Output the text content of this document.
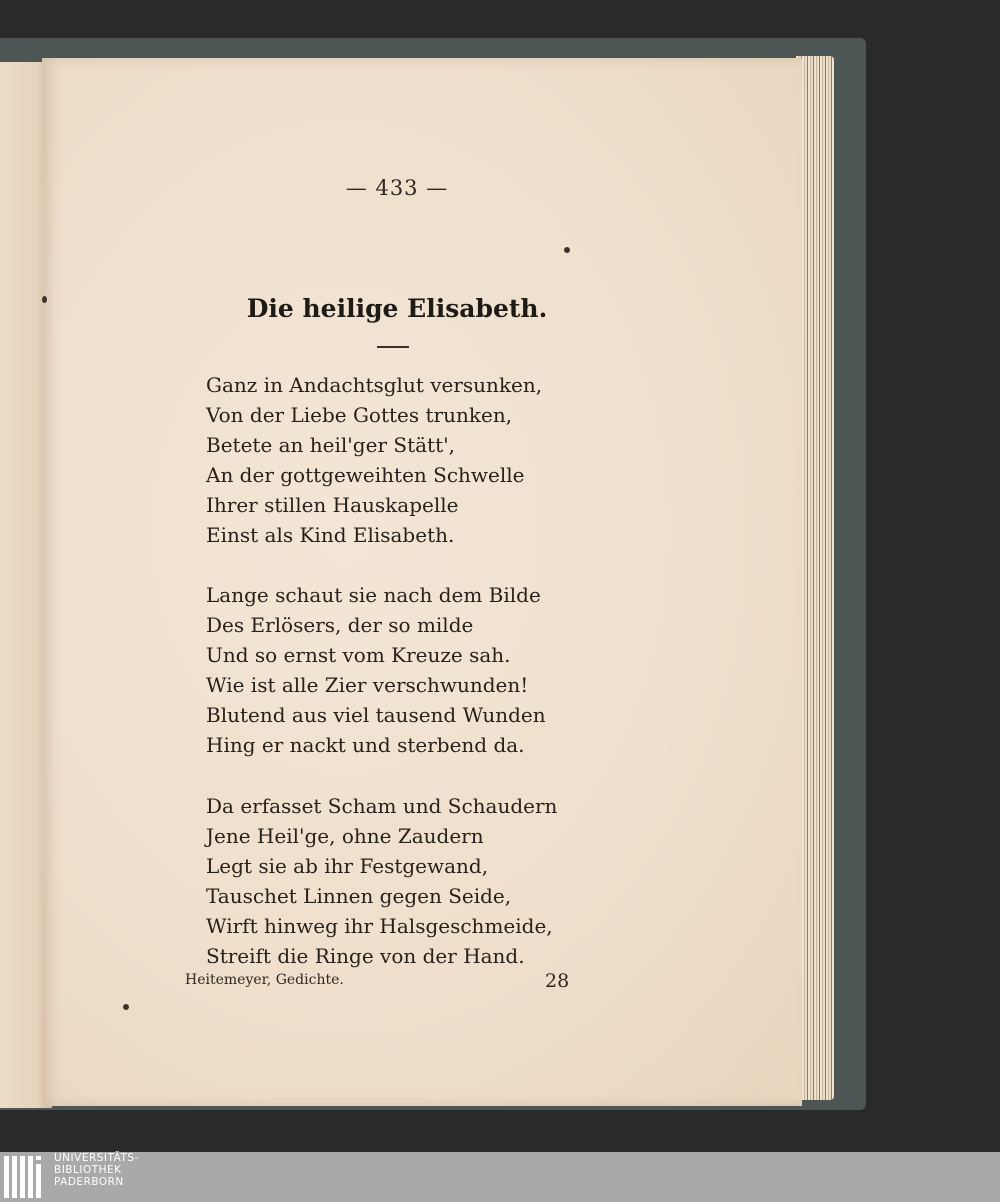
— 433 —
Die heilige Elisabeth.
Ganz in Andachtsglut versunken,
Von der Liebe Gottes trunken,
Betete an heil'ger Stätt',
An der gottgeweihten Schwelle
Ihrer stillen Hauskapelle
Einst als Kind Elisabeth.
Lange schaut sie nach dem Bilde
Des Erlösers, der so milde
Und so ernst vom Kreuze sah.
Wie ist alle Zier verschwunden!
Blutend aus viel tausend Wunden
Hing er nackt und sterbend da.
Da erfasset Scham und Schaudern
Jene Heil'ge, ohne Zaudern
Legt sie ab ihr Festgewand,
Tauschet Linnen gegen Seide,
Wirft hinweg ihr Halsgeschmeide,
Streift die Ringe von der Hand.
Heitemeyer, Gedichte.	28
UNIVERSITÄTS-
BIBLIOTHEK
PADERBORN
